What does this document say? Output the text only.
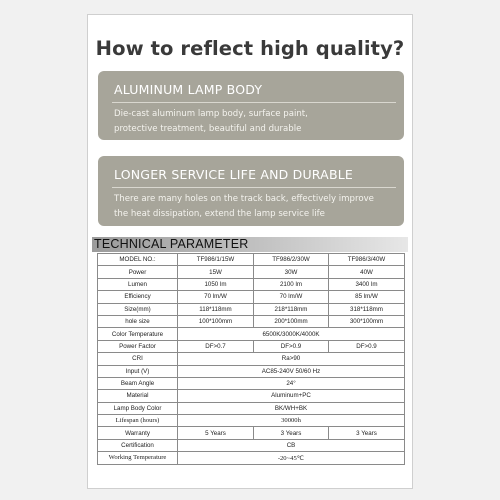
How to reflect high quality?
ALUMINUM LAMP BODY
Die-cast aluminum lamp body, surface paint,
protective treatment, beautiful and durable
LONGER SERVICE LIFE AND DURABLE
There are many holes on the track back, effectively improve
the heat dissipation, extend the lamp service life
TECHNICAL PARAMETER
MODEL NO.:	TF986/1/15W	TF986/2/30W	TF986/3/40W
Power	15W	30W	40W
Lumen	1050 lm	2100 lm	3400 lm
Efficiency	70 lm/W	70 lm/W	85 lm/W
Size(mm)	118*118mm	218*118mm	318*118mm
hole size	100*100mm	200*100mm	300*100mm
Color Temperature	6500K/3000K/4000K		
Power Factor	DF>0.7	DF>0.9	DF>0.9
CRI	Ra>90		
Input (V)	AC85-240V 50/60 Hz		
Beam Angle	24°		
Material	Aluminum+PC		
Lamp Body Color	BK/WH+BK		
Lifespan (hours)	30000h		
Warranty	5 Years	3 Years	3 Years
Certification	CB		
Working Temperature	-20~45℃		
